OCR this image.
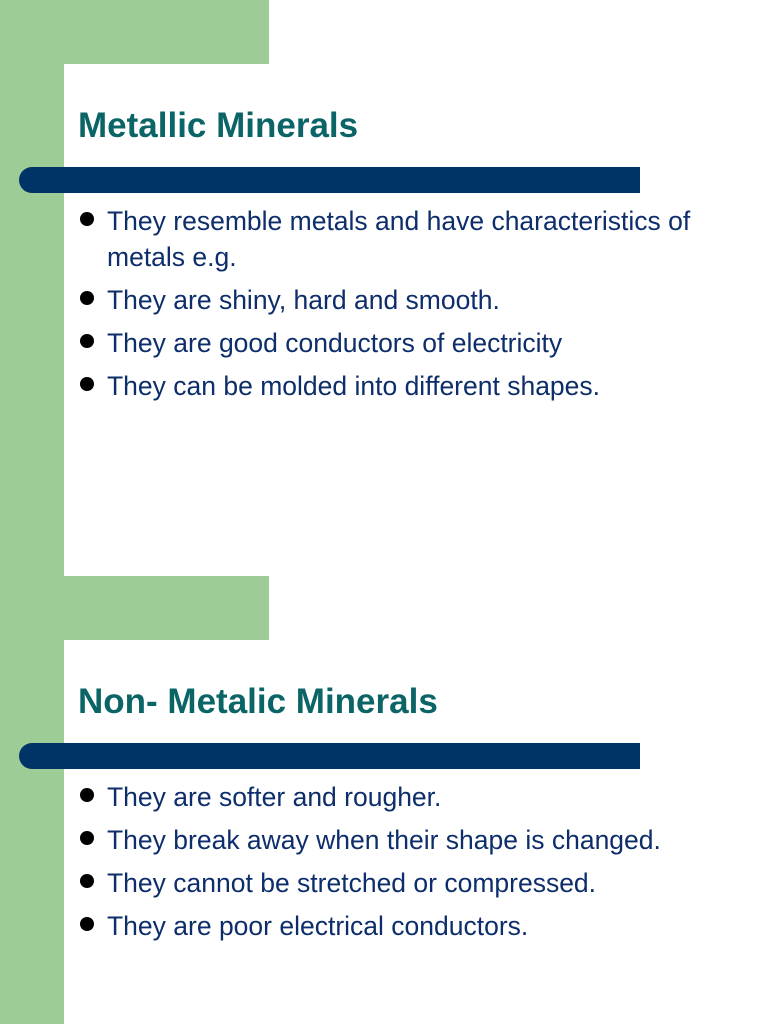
Metallic Minerals
They resemble metals and have characteristics of metals e.g.
They are shiny, hard and smooth.
They are good conductors of electricity
They can be molded into different shapes.
Non- Metalic Minerals
They are softer and rougher.
They break away when their shape is changed.
They cannot be stretched or compressed.
They are poor electrical conductors.
